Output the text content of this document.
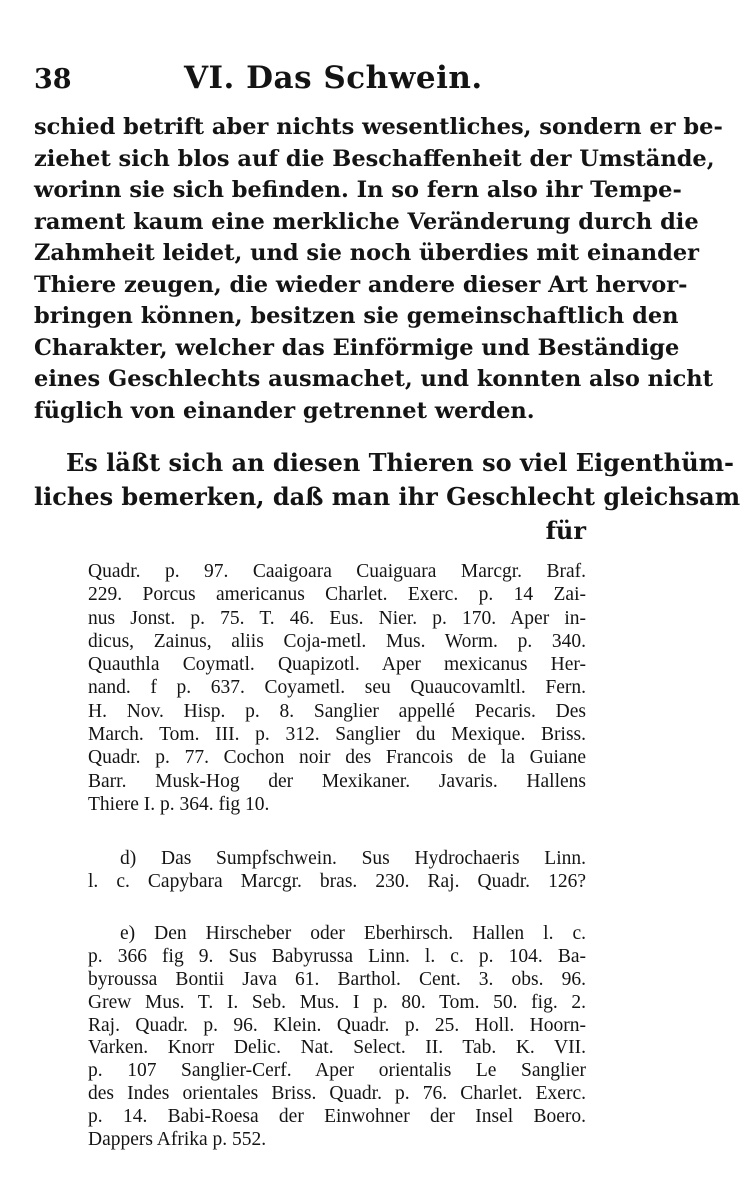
38	VI. Das Schwein.
schied betrift aber nichts wesentliches, sondern er be-
ziehet sich blos auf die Beschaffenheit der Umstände,
worinn sie sich befinden. In so fern also ihr Tempe-
rament kaum eine merkliche Veränderung durch die
Zahmheit leidet, und sie noch überdies mit einander
Thiere zeugen, die wieder andere dieser Art hervor-
bringen können, besitzen sie gemeinschaftlich den
Charakter, welcher das Einförmige und Beständige
eines Geschlechts ausmachet, und konnten also nicht
füglich von einander getrennet werden.
Es läßt sich an diesen Thieren so viel Eigenthüm-
liches bemerken, daß man ihr Geschlecht gleichsam
für
Quadr. p. 97. Caaigoara Cuaiguara Marcgr. Braf.
229. Porcus americanus Charlet. Exerc. p. 14 Zai-
nus Jonst. p. 75. T. 46. Eus. Nier. p. 170. Aper in-
dicus, Zainus, aliis Coja-metl. Mus. Worm. p. 340.
Quauthla Coymatl. Quapizotl. Aper mexicanus Her-
nand. f p. 637. Coyametl. seu Quaucovamltl. Fern.
H. Nov. Hisp. p. 8. Sanglier appellé Pecaris. Des
March. Tom. III. p. 312. Sanglier du Mexique. Briss.
Quadr. p. 77. Cochon noir des Francois de la Guiane
Barr. Musk-Hog der Mexikaner. Javaris. Hallens
Thiere I. p. 364. fig 10.
d) Das Sumpfschwein. Sus Hydrochaeris Linn.
l. c. Capybara Marcgr. bras. 230. Raj. Quadr. 126?
e) Den Hirscheber oder Eberhirsch. Hallen l. c.
p. 366 fig 9. Sus Babyrussa Linn. l. c. p. 104. Ba-
byroussa Bontii Java 61. Barthol. Cent. 3. obs. 96.
Grew Mus. T. I. Seb. Mus. I p. 80. Tom. 50. fig. 2.
Raj. Quadr. p. 96. Klein. Quadr. p. 25. Holl. Hoorn-
Varken. Knorr Delic. Nat. Select. II. Tab. K. VII.
p. 107 Sanglier-Cerf. Aper orientalis Le Sanglier
des Indes orientales Briss. Quadr. p. 76. Charlet. Exerc.
p. 14. Babi-Roesa der Einwohner der Insel Boero.
Dappers Afrika p. 552.
